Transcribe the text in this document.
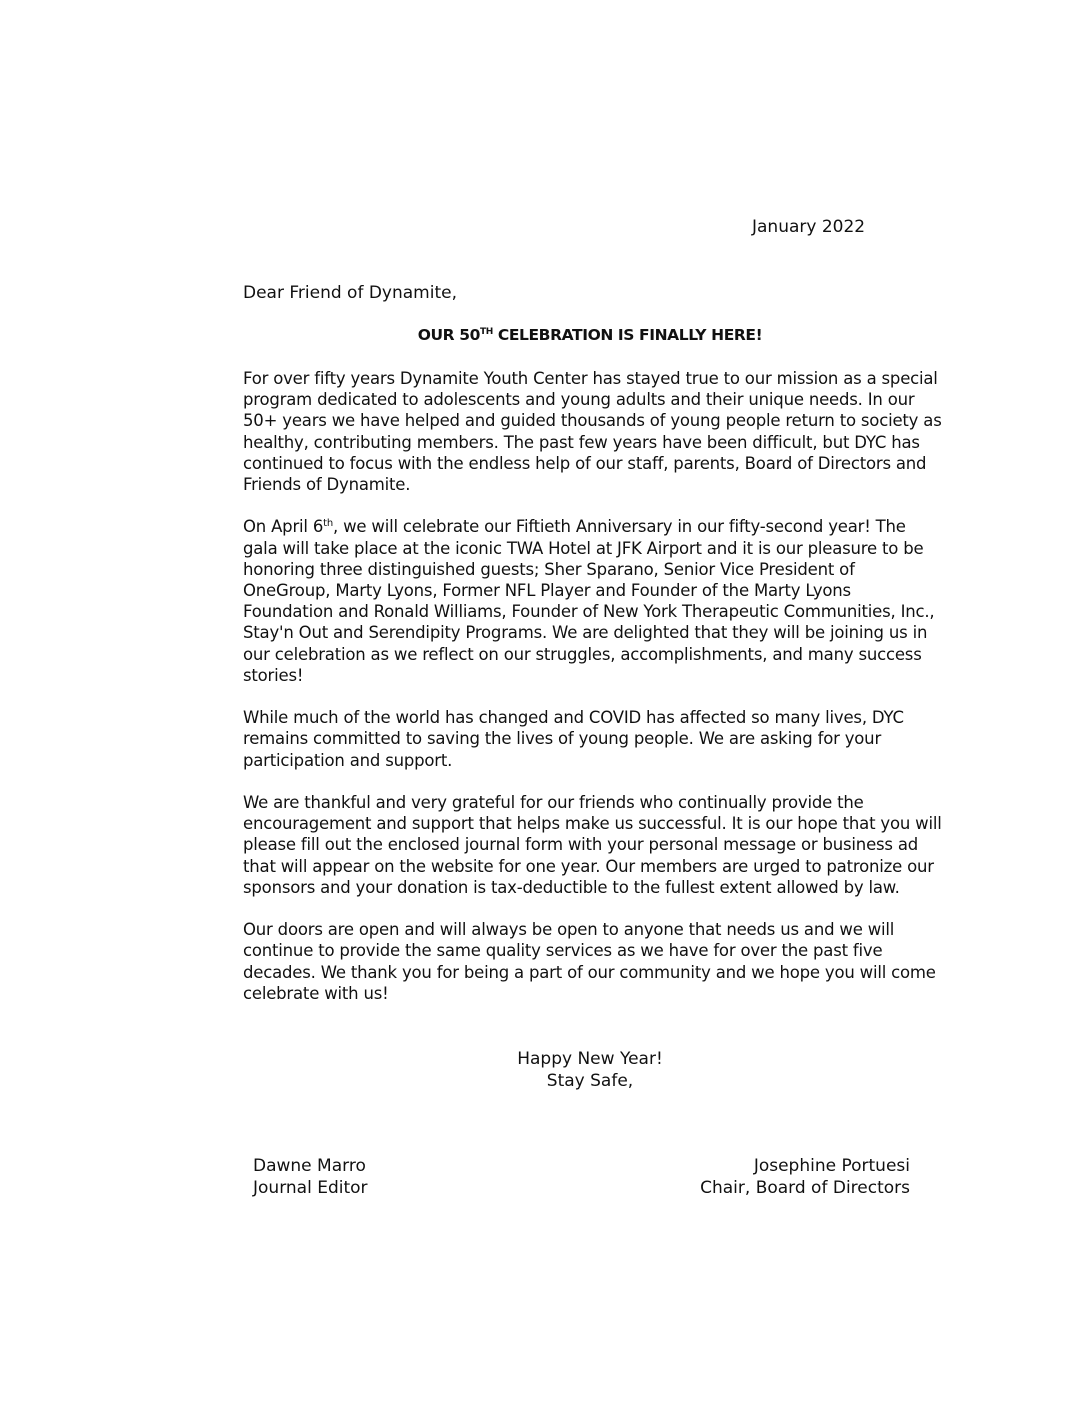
January 2022
Dear Friend of Dynamite,
OUR 50TH CELEBRATION IS FINALLY HERE!

For over fifty years Dynamite Youth Center has stayed true to our mission as a special program dedicated to adolescents and young adults and their unique needs. In our 50+ years we have helped and guided thousands of young people return to society as healthy, contributing members. The past few years have been difficult, but DYC has continued to focus with the endless help of our staff, parents, Board of Directors and Friends of Dynamite.

On April 6th, we will celebrate our Fiftieth Anniversary in our fifty-second year! The gala will take place at the iconic TWA Hotel at JFK Airport and it is our pleasure to be honoring three distinguished guests; Sher Sparano, Senior Vice President of OneGroup, Marty Lyons, Former NFL Player and Founder of the Marty Lyons Foundation and Ronald Williams, Founder of New York Therapeutic Communities, Inc., Stay'n Out and Serendipity Programs. We are delighted that they will be joining us in our celebration as we reflect on our struggles, accomplishments, and many success stories!

While much of the world has changed and COVID has affected so many lives, DYC remains committed to saving the lives of young people. We are asking for your participation and support.

We are thankful and very grateful for our friends who continually provide the encouragement and support that helps make us successful. It is our hope that you will please fill out the enclosed journal form with your personal message or business ad that will appear on the website for one year. Our members are urged to patronize our sponsors and your donation is tax-deductible to the fullest extent allowed by law.

Our doors are open and will always be open to anyone that needs us and we will continue to provide the same quality services as we have for over the past five decades. We thank you for being a part of our community and we hope you will come celebrate with us!

Happy New Year!
Stay Safe,
Dawne Marro
Journal Editor
Josephine Portuesi
Chair, Board of Directors
